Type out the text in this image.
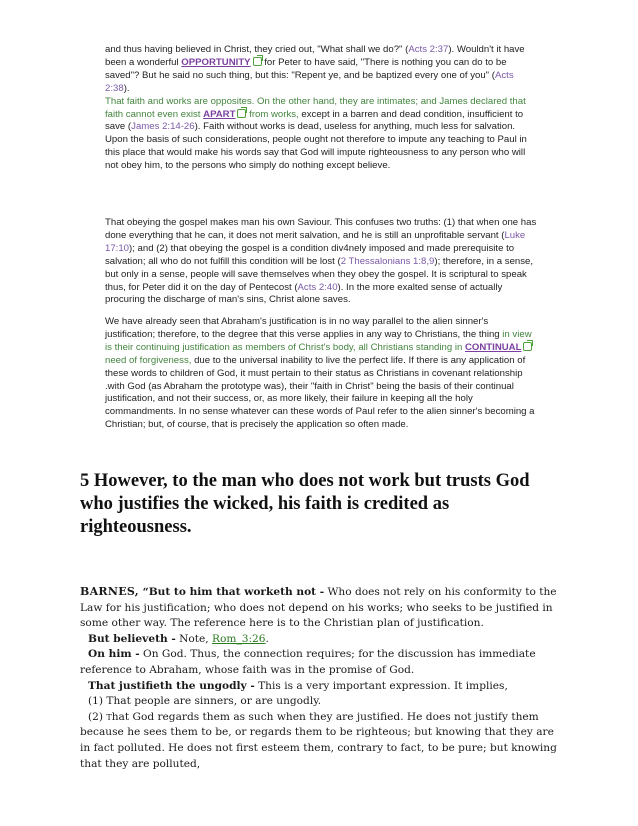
and thus having believed in Christ, they cried out, "What shall we do?" (Acts 2:37). Wouldn't it have been a wonderful OPPORTUNITY for Peter to have said, "There is nothing you can do to be saved"? But he said no such thing, but this: "Repent ye, and be baptized every one of you" (Acts 2:38).

That faith and works are opposites. On the other hand, they are intimates; and James declared that faith cannot even exist APART from works, except in a barren and dead condition, insufficient to save (James 2:14-26). Faith without works is dead, useless for anything, much less for salvation.

Upon the basis of such considerations, people ought not therefore to impute any teaching to Paul in this place that would make his words say that God will impute righteousness to any person who will not obey him, to the persons who simply do nothing except believe.

That obeying the gospel makes man his own Saviour. This confuses two truths: (1) that when one has done everything that he can, it does not merit salvation, and he is still an unprofitable servant (Luke 17:10); and (2) that obeying the gospel is a condition div4nely imposed and made prerequisite to salvation; all who do not fulfill this condition will be lost (2 Thessalonians 1:8,9); therefore, in a sense, but only in a sense, people will save themselves when they obey the gospel. It is scriptural to speak thus, for Peter did it on the day of Pentecost (Acts 2:40). In the more exalted sense of actually procuring the discharge of man's sins, Christ alone saves.

We have already seen that Abraham's justification is in no way parallel to the alien sinner's justification; therefore, to the degree that this verse applies in any way to Christians, the thing in view is their continuing justification as members of Christ's body, all Christians standing in CONTINUAL need of forgiveness, due to the universal inability to live the perfect life. If there is any application of these words to children of God, it must pertain to their status as Christians in covenant relationship .with God (as Abraham the prototype was), their "faith in Christ" being the basis of their continual justification, and not their success, or, as more likely, their failure in keeping all the holy commandments. In no sense whatever can these words of Paul refer to the alien sinner's becoming a Christian; but, of course, that is precisely the application so often made.

5 However, to the man who does not work but trusts God who justifies the wicked, his faith is credited as righteousness.

BARNES, “But to him that worketh not - Who does not rely on his conformity to the Law for his justification; who does not depend on his works; who seeks to be justified in some other way. The reference here is to the Christian plan of justification.

But believeth - Note, Rom_3:26.

On him - On God. Thus, the connection requires; for the discussion has immediate reference to Abraham, whose faith was in the promise of God.

That justifieth the ungodly - This is a very important expression. It implies,

(1) That people are sinners, or are ungodly.

(2) That God regards them as such when they are justified. He does not justify them because he sees them to be, or regards them to be righteous; but knowing that they are in fact polluted. He does not first esteem them, contrary to fact, to be pure; but knowing that they are polluted,
